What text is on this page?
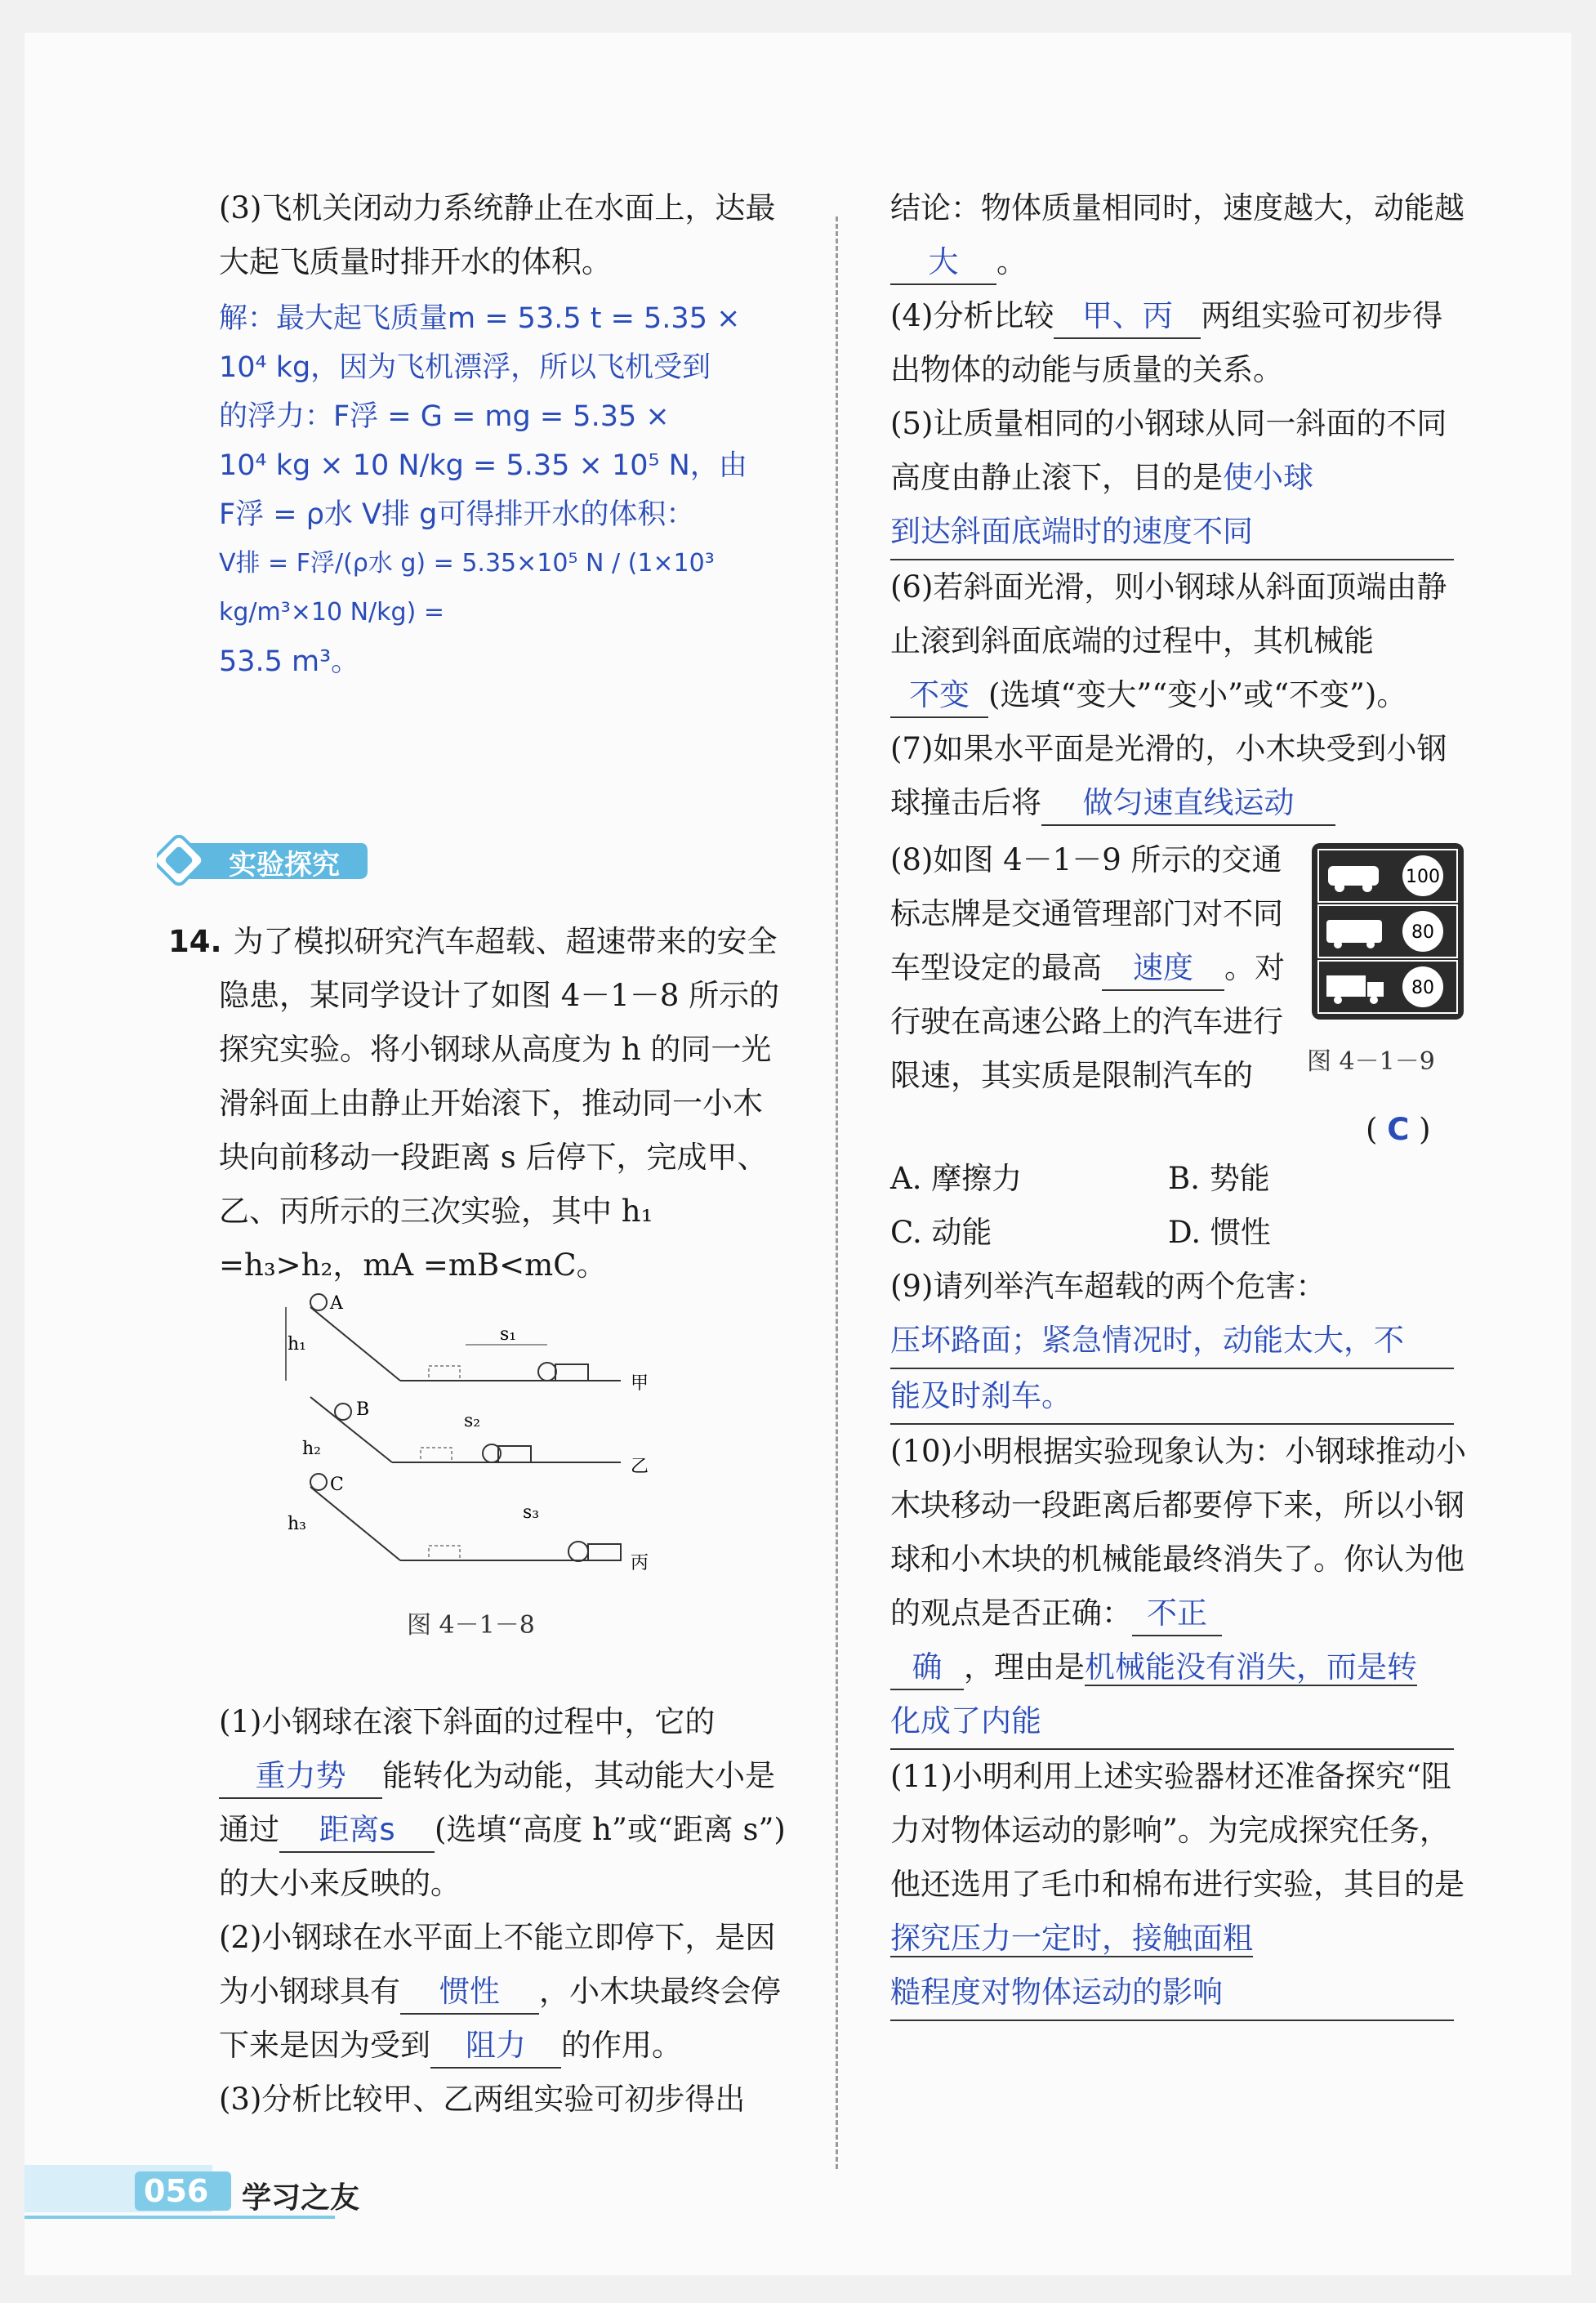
(3)飞机关闭动力系统静止在水面上，达最大起飞质量时排开水的体积。

解：最大起飞质量m = 53.5 t = 5.35 ×
10⁴ kg，因为飞机漂浮，所以飞机受到
的浮力：F浮 = G = mg = 5.35 ×
10⁴ kg × 10 N/kg = 5.35 × 10⁵ N，由
F浮 = ρ水 V排 g可得排开水的体积：
V排 = F浮/(ρ水 g) = 5.35×10⁵ N / (1×10³ kg/m³×10 N/kg) =
53.5 m³。
实验探究

14. 为了模拟研究汽车超载、超速带来的安全隐患，某同学设计了如图 4－1－8 所示的探究实验。将小钢球从高度为 h 的同一光滑斜面上由静止开始滚下，推动同一小木块向前移动一段距离 s 后停下，完成甲、乙、丙所示的三次实验，其中 h₁ =h₃>h₂，mA =mB<mC。

A
h₁	s₁
甲
B
h₂
s₂
乙
C
h₃
s₃
丙
图 4－1－8

(1)小钢球在滚下斜面的过程中，它的重力势 能转化为动能，其动能大小是通过 距离s (选填“高度 h”或“距离 s”)的大小来反映的。

(2)小钢球在水平面上不能立即停下，是因为小钢球具有 惯性 ，小木块最终会停下来是因为受到 阻力 的作用。

(3)分析比较甲、乙两组实验可初步得出

结论：物体质量相同时，速度越大，动能越大 。

(4)分析比较 甲、丙 两组实验可初步得出物体的动能与质量的关系。

(5)让质量相同的小钢球从同一斜面的不同高度由静止滚下，目的是使小球

到达斜面底端时的速度不同

(6)若斜面光滑，则小钢球从斜面顶端由静止滚到斜面底端的过程中，其机械能不变 (选填“变大”“变小”或“不变”)。

(7)如果水平面是光滑的，小木块受到小钢球撞击后将 做匀速直线运动

(8)如图 4－1－9 所示的交通标志牌是交通管理部门对不同车型设定的最高 速度 。对行驶在高速公路上的汽车进行限速，其实质是限制汽车的

( C )
100
80
80
图 4－1－9
A. 摩擦力	B. 势能
C. 动能	D. 惯性

(9)请列举汽车超载的两个危害：

压坏路面；紧急情况时，动能太大，不

能及时刹车。

(10)小明根据实验现象认为：小钢球推动小木块移动一段距离后都要停下来，所以小钢球和小木块的机械能最终消失了。你认为他的观点是否正确： 不正

确 ，理由是机械能没有消失，而是转

化成了内能

(11)小明利用上述实验器材还准备探究“阻力对物体运动的影响”。为完成探究任务，他还选用了毛巾和棉布进行实验，其目的是探究压力一定时，接触面粗

糙程度对物体运动的影响

056 学习之友
